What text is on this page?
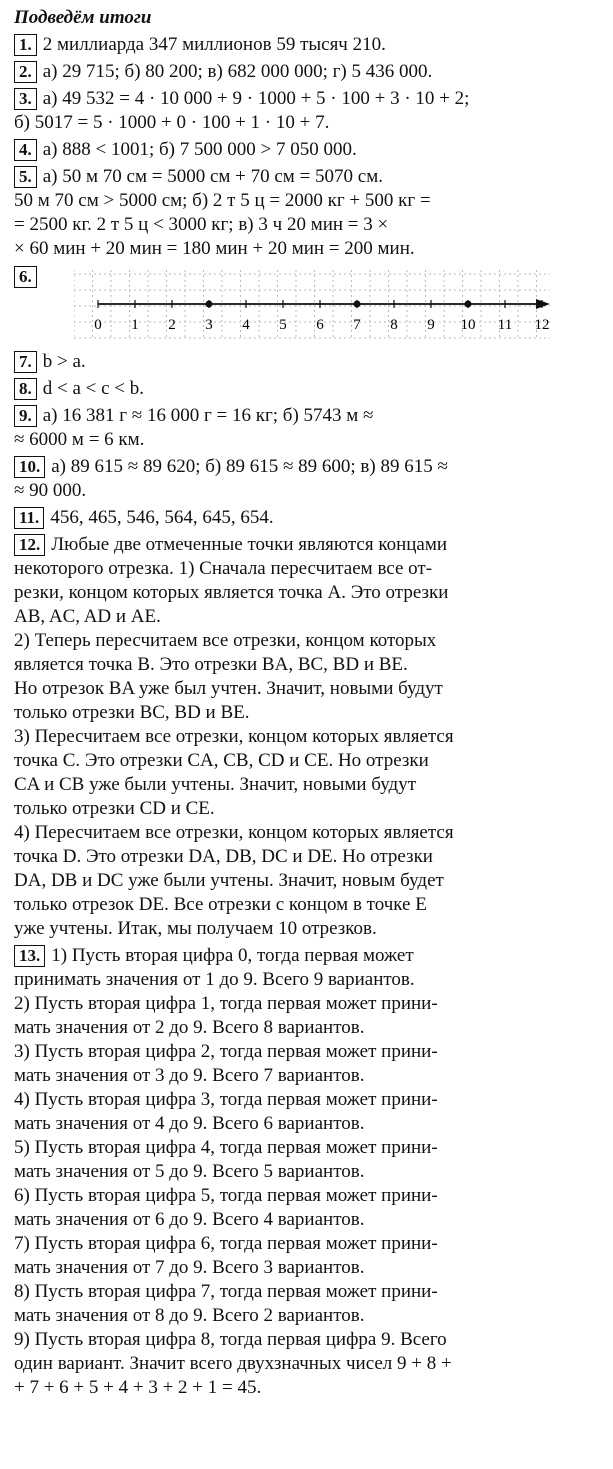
Подведём итоги
1. 2 миллиарда 347 миллионов 59 тысяч 210.
2. а) 29 715; б) 80 200; в) 682 000 000; г) 5 436 000.
3. а) 49 532 = 4 · 10 000 + 9 · 1000 + 5 · 100 + 3 · 10 + 2;
б) 5017 = 5 · 1000 + 0 · 100 + 1 · 10 + 7.
4. а) 888 < 1001; б) 7 500 000 > 7 050 000.
5. а) 50 м 70 см = 5000 см + 70 см = 5070 см.
50 м 70 см > 5000 см; б) 2 т 5 ц = 2000 кг + 500 кг =
= 2500 кг. 2 т 5 ц < 3000 кг; в) 3 ч 20 мин = 3 ×
× 60 мин + 20 мин = 180 мин + 20 мин = 200 мин.
6.
0 1 2 3 4 5 6 7 8 9 10 11 12
7. b > a.
8. d < a < c < b.
9. а) 16 381 г ≈ 16 000 г = 16 кг; б) 5743 м ≈
≈ 6000 м = 6 км.
10. а) 89 615 ≈ 89 620; б) 89 615 ≈ 89 600; в) 89 615 ≈
≈ 90 000.
11. 456, 465, 546, 564, 645, 654.
12. Любые две отмеченные точки являются концами
некоторого отрезка. 1) Сначала пересчитаем все от-
резки, концом которых является точка A. Это отрезки
AB, AC, AD и AE.
2) Теперь пересчитаем все отрезки, концом которых
является точка B. Это отрезки BA, BC, BD и BE.
Но отрезок BA уже был учтен. Значит, новыми будут
только отрезки BC, BD и BE.
3) Пересчитаем все отрезки, концом которых является
точка C. Это отрезки CA, CB, CD и CE. Но отрезки
CA и CB уже были учтены. Значит, новыми будут
только отрезки CD и CE.
4) Пересчитаем все отрезки, концом которых является
точка D. Это отрезки DA, DB, DC и DE. Но отрезки
DA, DB и DC уже были учтены. Значит, новым будет
только отрезок DE. Все отрезки с концом в точке E
уже учтены. Итак, мы получаем 10 отрезков.
13. 1) Пусть вторая цифра 0, тогда первая может
принимать значения от 1 до 9. Всего 9 вариантов.
2) Пусть вторая цифра 1, тогда первая может прини-
мать значения от 2 до 9. Всего 8 вариантов.
3) Пусть вторая цифра 2, тогда первая может прини-
мать значения от 3 до 9. Всего 7 вариантов.
4) Пусть вторая цифра 3, тогда первая может прини-
мать значения от 4 до 9. Всего 6 вариантов.
5) Пусть вторая цифра 4, тогда первая может прини-
мать значения от 5 до 9. Всего 5 вариантов.
6) Пусть вторая цифра 5, тогда первая может прини-
мать значения от 6 до 9. Всего 4 вариантов.
7) Пусть вторая цифра 6, тогда первая может прини-
мать значения от 7 до 9. Всего 3 вариантов.
8) Пусть вторая цифра 7, тогда первая может прини-
мать значения от 8 до 9. Всего 2 вариантов.
9) Пусть вторая цифра 8, тогда первая цифра 9. Всего
один вариант. Значит всего двухзначных чисел 9 + 8 +
+ 7 + 6 + 5 + 4 + 3 + 2 + 1 = 45.
